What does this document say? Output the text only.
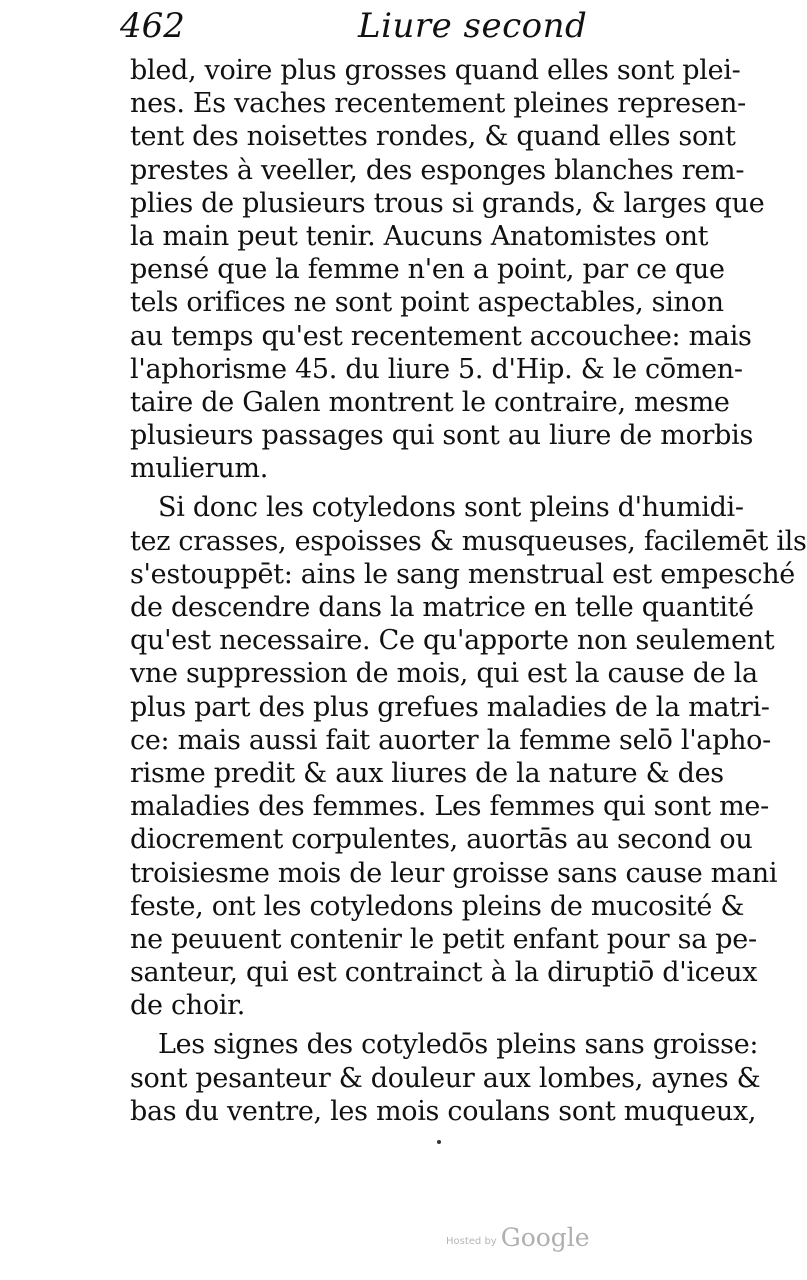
462	Liure second
bled, voire plus grosses quand elles sont plei-
nes. Es vaches recentement pleines represen-
tent des noisettes rondes, & quand elles sont
prestes à veeller, des esponges blanches rem-
plies de plusieurs trous si grands, & larges que
la main peut tenir. Aucuns Anatomistes ont
pensé que la femme n'en a point, par ce que
tels orifices ne sont point aspectables, sinon
au temps qu'est recentement accouchee: mais
l'aphorisme 45. du liure 5. d'Hip. & le cōmen-
taire de Galen montrent le contraire, mesme
plusieurs passages qui sont au liure de morbis
mulierum.
Si donc les cotyledons sont pleins d'humidi-
tez crasses, espoisses & musqueuses, facilemēt ils
s'estouppēt: ains le sang menstrual est empesché
de descendre dans la matrice en telle quantité
qu'est necessaire. Ce qu'apporte non seulement
vne suppression de mois, qui est la cause de la
plus part des plus grefues maladies de la matri-
ce: mais aussi fait auorter la femme selō l'apho-
risme predit & aux liures de la nature & des
maladies des femmes. Les femmes qui sont me-
diocrement corpulentes, auortās au second ou
troisiesme mois de leur groisse sans cause mani
feste, ont les cotyledons pleins de mucosité &
ne peuuent contenir le petit enfant pour sa pe-
santeur, qui est contrainct à la diruptiō d'iceux
de choir.
Les signes des cotyledōs pleins sans groisse:
sont pesanteur & douleur aux lombes, aynes &
bas du ventre, les mois coulans sont muqueux,
Hosted by Google
